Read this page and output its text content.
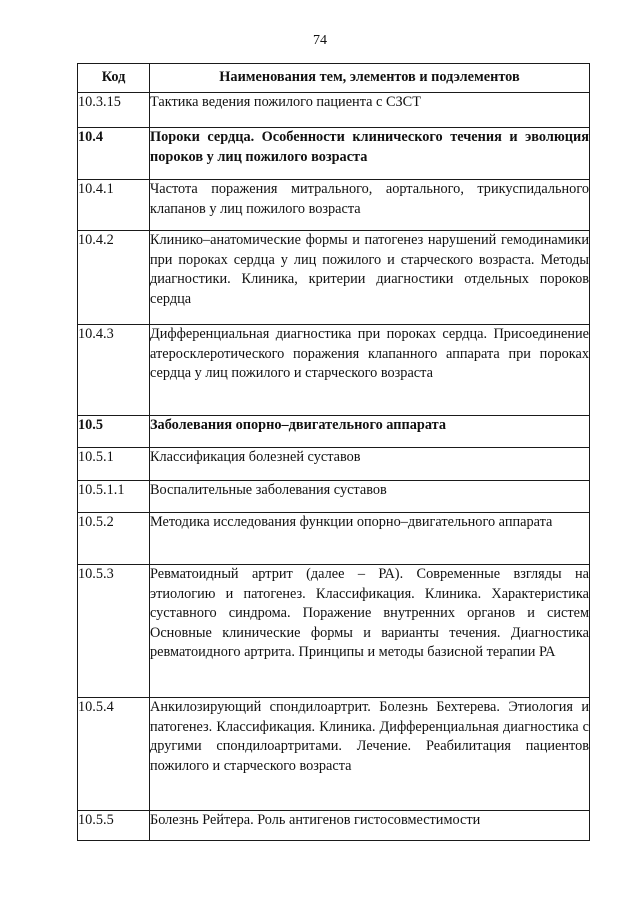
74
Код	Наименования тем, элементов и подэлементов
10.3.15	Тактика ведения пожилого пациента с СЗСТ
10.4	Пороки сердца. Особенности клинического течения и эволюция пороков у лиц пожилого возраста
10.4.1	Частота поражения митрального, аортального, трикуспидального клапанов у лиц пожилого возраста
10.4.2	Клинико–анатомические формы и патогенез нарушений гемодинамики при пороках сердца у лиц пожилого и старческого возраста. Методы диагностики. Клиника, критерии диагностики отдельных пороков сердца
10.4.3	Дифференциальная диагностика при пороках сердца. Присоединение атеросклеротического поражения клапанного аппарата при пороках сердца у лиц пожилого и старческого возраста
10.5	Заболевания опорно–двигательного аппарата
10.5.1	Классификация болезней суставов
10.5.1.1	Воспалительные заболевания суставов
10.5.2	Методика исследования функции опорно–двигательного аппарата
10.5.3	Ревматоидный артрит (далее – РА). Современные взгляды на этиологию и патогенез. Классификация. Клиника. Характеристика суставного синдрома. Поражение внутренних органов и систем Основные клинические формы и варианты течения. Диагностика ревматоидного артрита. Принципы и методы базисной терапии РА
10.5.4	Анкилозирующий спондилоартрит. Болезнь Бехтерева. Этиология и патогенез. Классификация. Клиника. Дифференциальная диагностика с другими спондилоартритами. Лечение. Реабилитация пациентов пожилого и старческого возраста
10.5.5	Болезнь Рейтера. Роль антигенов гистосовместимости
